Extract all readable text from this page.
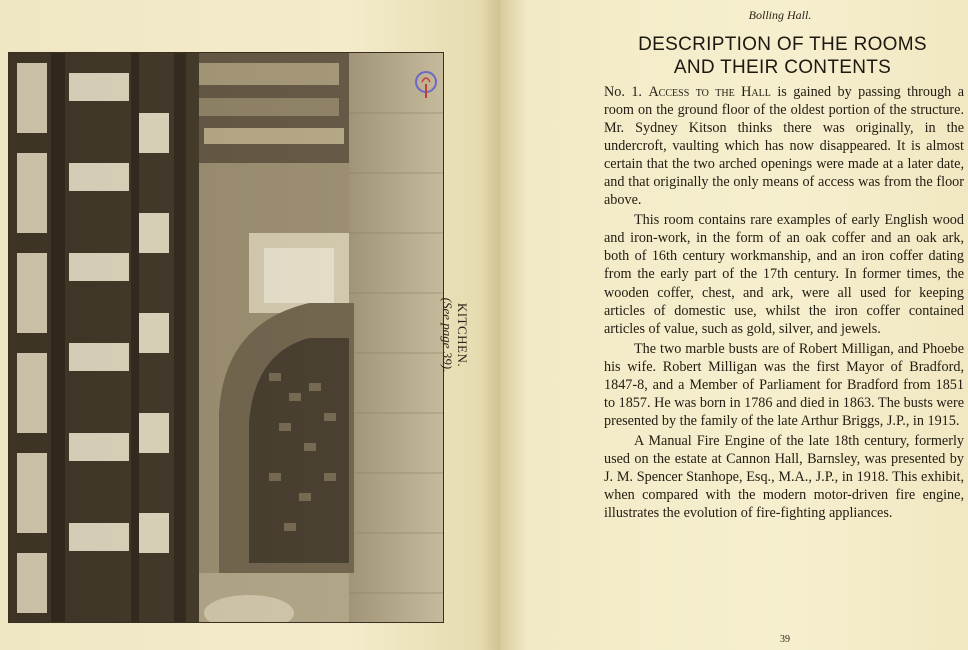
KITCHEN.
(See page 39).
Bolling Hall.
DESCRIPTION OF THE ROOMS
AND THEIR CONTENTS

No. 1. Access to the Hall is gained by passing through a room on the ground floor of the oldest portion of the structure. Mr. Sydney Kitson thinks there was originally, in the undercroft, vaulting which has now disappeared. It is almost certain that the two arched openings were made at a later date, and that originally the only means of access was from the floor above.

This room contains rare examples of early English wood and iron-work, in the form of an oak coffer and an oak ark, both of 16th century workmanship, and an iron coffer dating from the early part of the 17th century. In former times, the wooden coffer, chest, and ark, were all used for keeping articles of domestic use, whilst the iron coffer contained articles of value, such as gold, silver, and jewels.

The two marble busts are of Robert Milligan, and Phoebe his wife. Robert Milligan was the first Mayor of Bradford, 1847-8, and a Member of Parliament for Bradford from 1851 to 1857. He was born in 1786 and died in 1863. The busts were presented by the family of the late Arthur Briggs, J.P., in 1915.

A Manual Fire Engine of the late 18th century, formerly used on the estate at Cannon Hall, Barnsley, was presented by J. M. Spencer Stanhope, Esq., M.A., J.P., in 1918. This exhibit, when compared with the modern motor-driven fire engine, illustrates the evolution of fire-fighting appliances.

39
